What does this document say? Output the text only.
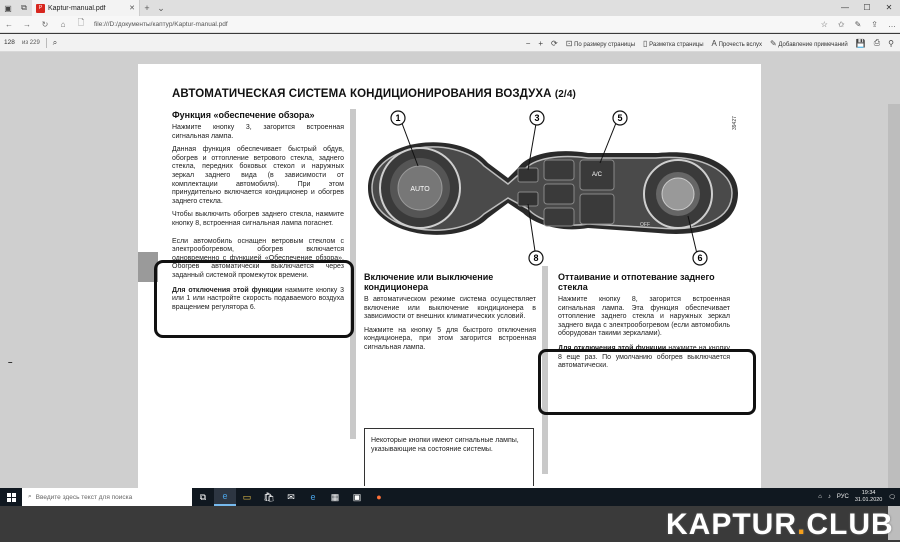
▣	⧉	P Kaptur-manual.pdf	✕	+ ⌄	—	☐	✕
←	→	↻	⌂	🗋	file:///D:/документы/каптур/Kaptur-manual.pdf	☆ ✩ ✎ ⇪ …
128	из 229 ⌕	− + ⟳ ⊡ По размеру страницы ▯ Разметка страницы A Прочесть вслух ✎ Добавление примечаний 💾 ⎙ ⚲
АВТОМАТИЧЕСКАЯ СИСТЕМА КОНДИЦИОНИРОВАНИЯ ВОЗДУХА (2/4)
Функция «обеспечение обзора»

Нажмите кнопку 3, загорится встроенная сигнальная лампа.

Данная функция обеспечивает быстрый обдув, обогрев и оттопление ветрового стекла, заднего стекла, передних боковых стекол и наружных зеркал заднего вида (в зависимости от комплектации автомобиля). При этом принудительно включается кондиционер и обогрев заднего стекла.

Чтобы выключить обогрев заднего стекла, нажмите кнопку 8, встроенная сигнальная лампа погаснет.

Если автомобиль оснащен ветровым стеклом с электрообогревом, обогрев включается одновременно с функцией «Обеспечение обзора». Обогрев автоматически выключается через заданный системой промежуток времени.

Для отключения этой функции нажмите кнопку 3 или 1 или настройте скорость подаваемого воздуха вращением регулятора 6.

AUTO
A/C
OFF
1	3	5
8	6
39427
Включение или выключение кондиционера

В автоматическом режиме система осуществляет включение или выключение кондиционера в зависимости от внешних климатических условий.

Нажмите на кнопку 5 для быстрого отключения кондиционера, при этом загорится встроенная сигнальная лампа.

Оттаивание и отпотевание заднего стекла

Нажмите кнопку 8, загорится встроенная сигнальная лампа. Эта функция обеспечивает оттопление заднего стекла и наружных зеркал заднего вида с электрообогревом (если автомобиль оборудован такими зеркалами).

Для отключения этой функции нажмите на кнопку 8 еще раз. По умолчанию обогрев выключается автоматически.

Некоторые кнопки имеют сигнальные лампы, указывающие на состояние системы.
–
KAPTUR.CLUB
⌕ Введите здесь текст для поиска	⧉	e	▭	🛍	✉	e	▦	▣	●	⌂ ♪ РУС
19:34
31.01.2020 🗨
